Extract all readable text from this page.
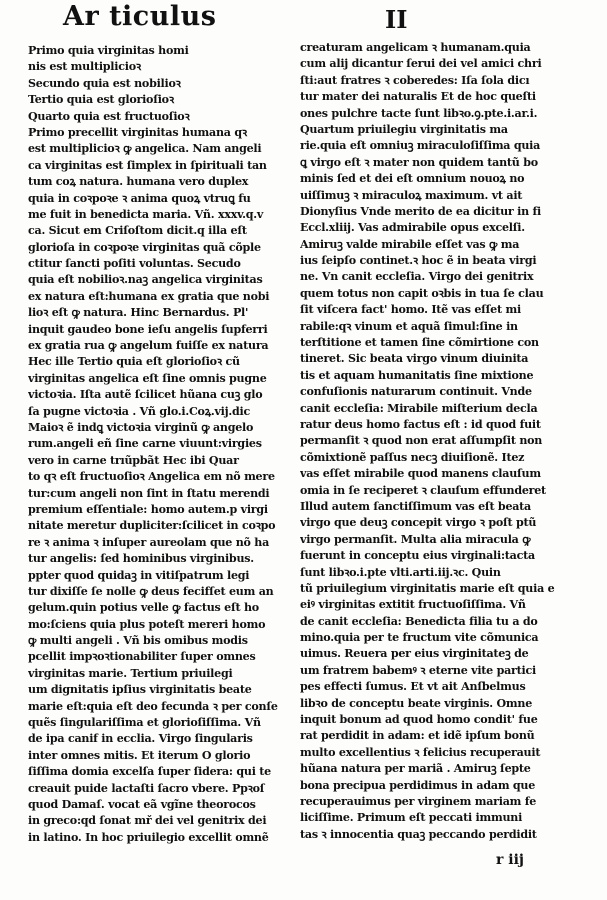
Ar ticulus	II
Primo quia virginitas homi
nis est multiplicioꝛ
Secundo quia est nobilioꝛ
Tertio quia est glorioſioꝛ
Quarto quia est fructuoſioꝛ
Primo precellit virginitas humana qꝛ
est multiplicioꝛ ꝙ angelica. Nam angeli
ca virginitas est ſimplex in ſpirituali tan
tum coꝝ natura. humana vero duplex
quia in coꝛpoꝛe ꝛ anima quoꝝ vtruꝗ fu
me fuit in benedicta maria. Vñ. xxxv.q.v
ca. Sicut em Criſoſtom dicit.q illa eſt
glorioſa in coꝛpoꝛe virginitas quã cõple
ctitur ſancti poſiti voluntas. Secudo
quia eſt nobilioꝛ.naꝫ angelica virginitas
ex natura eſt:humana ex gratia que nobi
lioꝛ eſt ꝙ natura. Hinc Bernardus. Pl'
inquit gaudeo bone ieſu angelis ſupferri
ex gratia rua ꝙ angelum fuiſſe ex natura
Hec ille Tertio quia eſt glorioſioꝛ cũ
virginitas angelica eſt ſine omnis pugne
victoꝛia. Iſta autẽ ſcilicet hũana cuꝫ glo
ſa pugne victoꝛia . Vñ glo.i.Coꝝ.vij.dic
Maioꝛ ẽ indꝗ victoꝛia virginũ ꝙ angelo
rum.angeli eñ ſine carne viuunt:virgies
vero in carne trıũpbãt Hec ibi Quar
to qꝛ eſt fructuoſioꝛ Angelica em nõ mere
tur:cum angeli non ſint in ſtatu merendi
premium eſſentiale: homo autem.p virgi
nitate meretur dupliciter:ſcilicet in coꝛpo
re ꝛ anima ꝛ inſuper aureolam que nõ ha
tur angelis: ſed hominibus virginibus.
ppter quod quidaꝫ in vitiſpatrum legi
tur dixiſſe ſe nolle ꝙ deus fecifſet eum an
gelum.quin potius velle ꝙ factus eſt ho
mo:ſciens quia plus poteſt mereri homo
ꝙ multi angeli . Vñ bis omibus modis
pcellit impꝛoꝛtionabiliter ſuper omnes
virginitas marie. Tertium priuilegi
um dignitatis ipſius virginitatis beate
marie eſt:quia eſt deo fecunda ꝛ per conſe
quẽs ſingulariſſima et glorioſiſſima. Vñ
de ipa canif in ecclia. Virgo ſingularis
inter omnes mitis. Et iterum O glorio
ſiſſima domia excelſa ſuper ſidera: qui te
creauit puide lactaſti ſacro vbere. Ppꝛoſ
quod Damaſ. vocat eã vgĩne theorocos
in greco:qd ſonat mř dei vel genitrix dei
in latino. In hoc priuilegio excellit omnẽ
creaturam angelicam ꝛ humanam.quia
cum alij dicantur ſerui dei vel amici chri
ſti:aut fratres ꝛ coberedes: Iſa ſola dicı
tur mater dei naturalis Et de hoc queſti
ones pulchre tacte ſunt libꝛo.ꝯ.pte.i.ar.i.
Quartum priuilegiu virginitatis ma
rie.quia eſt omniuꝫ miraculoſiſſima quia
ꝗ virgo eſt ꝛ mater non quidem tantũ bo
minis ſed et dei eſt omnium nouoꝝ no
uiſſimuꝫ ꝛ miraculoꝝ maximum. vt ait
Dionyſius Vnde merito de ea dicitur in fi
Eccl.xliij. Vas admirabile opus excelſi.
Amiruꝫ valde mirabile eſſet vas ꝙ ma
ius ſeipſo continet.ꝛ hoc ẽ in beata virgi
ne. Vn canit eccleſia. Virgo dei genitrix
quem totus non capit oꝛbis in tua ſe clau
ſit viſcera fact' homo. Itẽ vas eſſet mi
rabile:qꝛ vinum et aquã ſimul:ſine in
terſtitione et tamen ſine cõmirtione con
tineret. Sic beata virgo vinum diuinita
tis et aquam humanitatis ſine mixtione
confuſionis naturarum continuit. Vnde
canit eccleſia: Mirabile miſterium decla
ratur deus homo factus eſt : id quod fuit
permanſit ꝛ quod non erat aſſumpſit non
cõmixtionẽ paſſus necꝫ diuiſionẽ. Itez
vas eſſet mirabile quod manens clauſum
omia in ſe reciperet ꝛ clauſum effunderet
Illud autem ſanctiſſimum vas eſt beata
virgo que deuꝫ concepit virgo ꝛ poſt ptũ
virgo permanſit. Multa alia miracula ꝙ
fuerunt in conceptu eius virginali:tacta
ſunt libꝛo.i.pte vlti.arti.iij.ꝛc. Quin
tũ priuilegium virginitatis marie eſt quia e
eiꝰ virginitas extitit fructuoſiſſima. Vñ
de canit eccleſia: Benedicta filia tu a do
mino.quia per te fructum vite cõmunica
uimus. Reuera per eius virginitateꝫ de
um fratrem babemꝰ ꝛ eterne vite partici
pes effecti ſumus. Et vt ait Anſbelmus
libꝛo de conceptu beate virginis. Omne
inquit bonum ad quod homo condit' fue
rat perdidit in adam: et idẽ ipſum bonũ
multo excellentius ꝛ felicius recuperauit
hũana natura per mariã . Amiruꝫ ſepte
bona precipua perdidimus in adam que
recuperauimus per virginem mariam fe
liciſſime. Primum eſt peccati immuni
tas ꝛ innocentia quaꝫ peccando perdidit
r iij
